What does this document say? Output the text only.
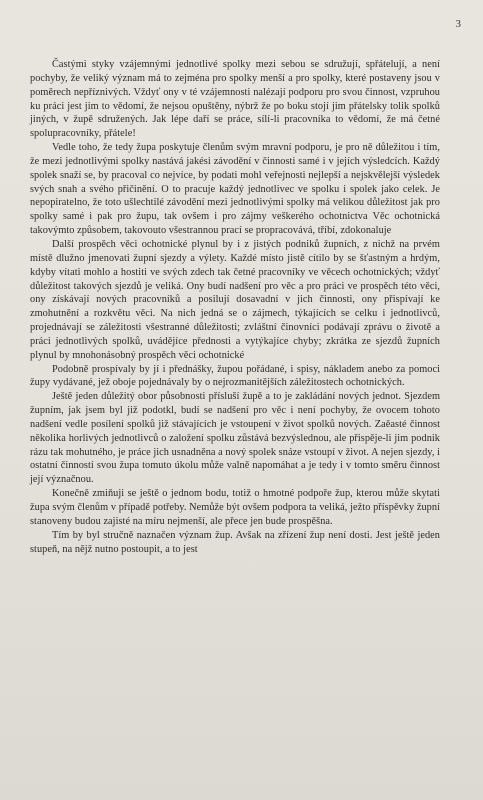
3

Častými styky vzájemnými jednotlivé spolky mezi sebou se sdružují, spřátelují, a není pochyby, že veliký význam má to zejména pro spolky menší a pro spolky, které postaveny jsou v poměrech nepříznivých. Vždyť ony v té vzájemnosti nalézají podporu pro svou činnost, vzpruhou ku práci jest jim to vědomí, že nejsou opuštěny, nýbrž že po boku stojí jim přátelsky tolik spolků jiných, v župě sdružených. Jak lépe daří se práce, sílí-li pracovníka to vědomí, že má četné spolupracovníky, přátele!

Vedle toho, že tedy župa poskytuje členům svým mravní podporu, je pro ně důležitou i tím, že mezi jednotlivými spolky nastává jakési závodění v činnosti samé i v jejích výsledcích. Každý spolek snaží se, by pracoval co nejvíce, by podati mohl veřejnosti nejlepší a nejskvělejší výsledek svých snah a svého přičinění. O to pracuje každý jednotlivec ve spolku i spolek jako celek. Je nepopiratelno, že toto ušlechtilé závodění mezi jednotlivými spolky má velikou důležitost jak pro spolky samé i pak pro župu, tak ovšem i pro zájmy veškerého ochotnictva Věc ochotnická takovýmto způsobem, takovouto všestrannou prací se propracovává, tříbí, zdokonaluje

Další prospěch věci ochotnické plynul by i z jistých podniků župních, z nichž na prvém místě dlužno jmenovati župní sjezdy a výlety. Každé místo jistě cítilo by se šťastným a hrdým, kdyby vítati mohlo a hostiti ve svých zdech tak četné pracovníky ve věcech ochotnických; vždyť důležitost takových sjezdů je veliká. Ony budí nadšení pro věc a pro práci ve prospěch této věci, ony získávají nových pracovníků a posilují dosavadní v jich činnosti, ony přispívají ke zmohutnění a rozkvětu věci. Na nich jedná se o zájmech, týkajících se celku i jednotlivců, projednávají se záležitosti všestranné důležitosti; zvláštní činovníci podávají zprávu o životě a práci jednotlivých spolků, uvádějíce přednosti a vytýkajíce chyby; zkrátka ze sjezdů župních plynul by mnohonásobný prospěch věci ochotnické

Podobně prospívaly by jí i přednášky, župou pořádané, i spisy, nákladem anebo za pomoci župy vydávané, jež oboje pojednávaly by o nejrozmanitějších záležitostech ochotnických.

Ještě jeden důležitý obor působnosti přísluší župě a to je zakládání nových jednot. Sjezdem župním, jak jsem byl již podotkl, budí se nadšení pro věc i není pochyby, že ovocem tohoto nadšení vedle posílení spolků již stávajících je vstoupení v život spolků nových. Zaěasté činnost několika horlivých jednotlivců o založení spolku zůstává bezvýslednou, ale přispěje-li jim podnik rázu tak mohutného, je práce jich usnadněna a nový spolek snáze vstoupí v život. A nejen sjezdy, i ostatní činností svou župa tomuto úkolu může valně napomáhat a je tedy i v tomto směru činnost její význačnou.

Konečně zmiňuji se ještě o jednom bodu, totiž o hmotné podpoře žup, kterou může skytati župa svým členům v případě potřeby. Nemůže být ovšem podpora ta veliká, ježto příspěvky župní stanoveny budou zajisté na míru nejmenší, ale přece jen bude prospěšna.

Tím by byl stručně naznačen význam žup. Avšak na zřízení žup není dosti. Jest ještě jeden stupeň, na nějž nutno postoupit, a to jest
